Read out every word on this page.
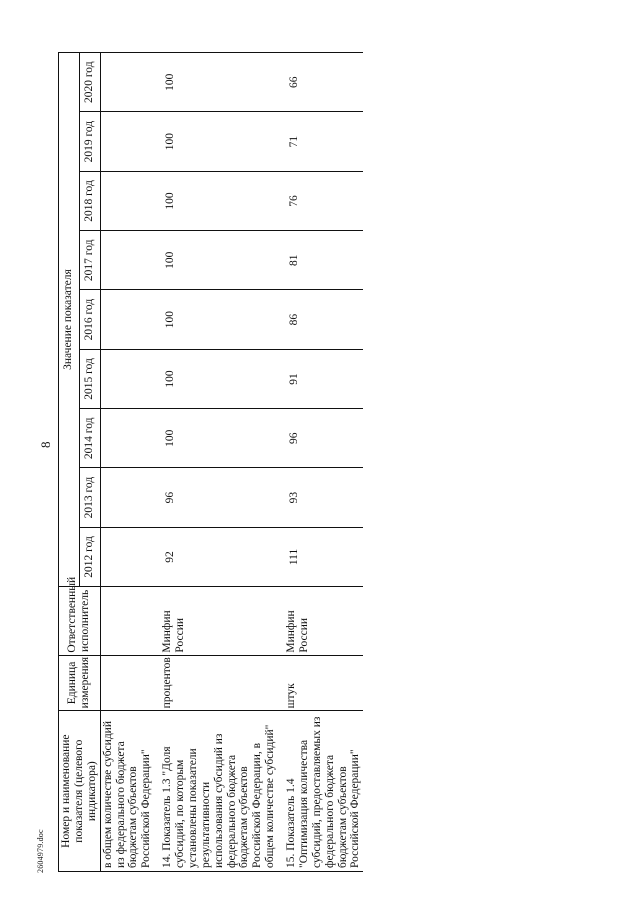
8
Номер и наименование показателя (целевого индикатора)	Единица измерения	Ответственный исполнитель	Значение показателя								
			2012 год	2013 год	2014 год	2015 год	2016 год	2017 год	2018 год	2019 год	2020 год
в общем количестве субсидий из федерального бюджета бюджетам субъектов Российской Федерации"											

14. Показатель 1.3 "Доля субсидий, по которым установлены показатели результативности использования субсидий из федерального бюджета бюджетам субъектов Российской Федерации, в общем количестве субсидий"	процентов	Минфин России	92	96	100	100	100	100	100	100	100

15. Показатель 1.4 "Оптимизация количества субсидий, предоставляемых из федерального бюджета бюджетам субъектов Российской Федерации"	штук	Минфин России	111	93	96	91	86	81	76	71	66
2604979.doc
